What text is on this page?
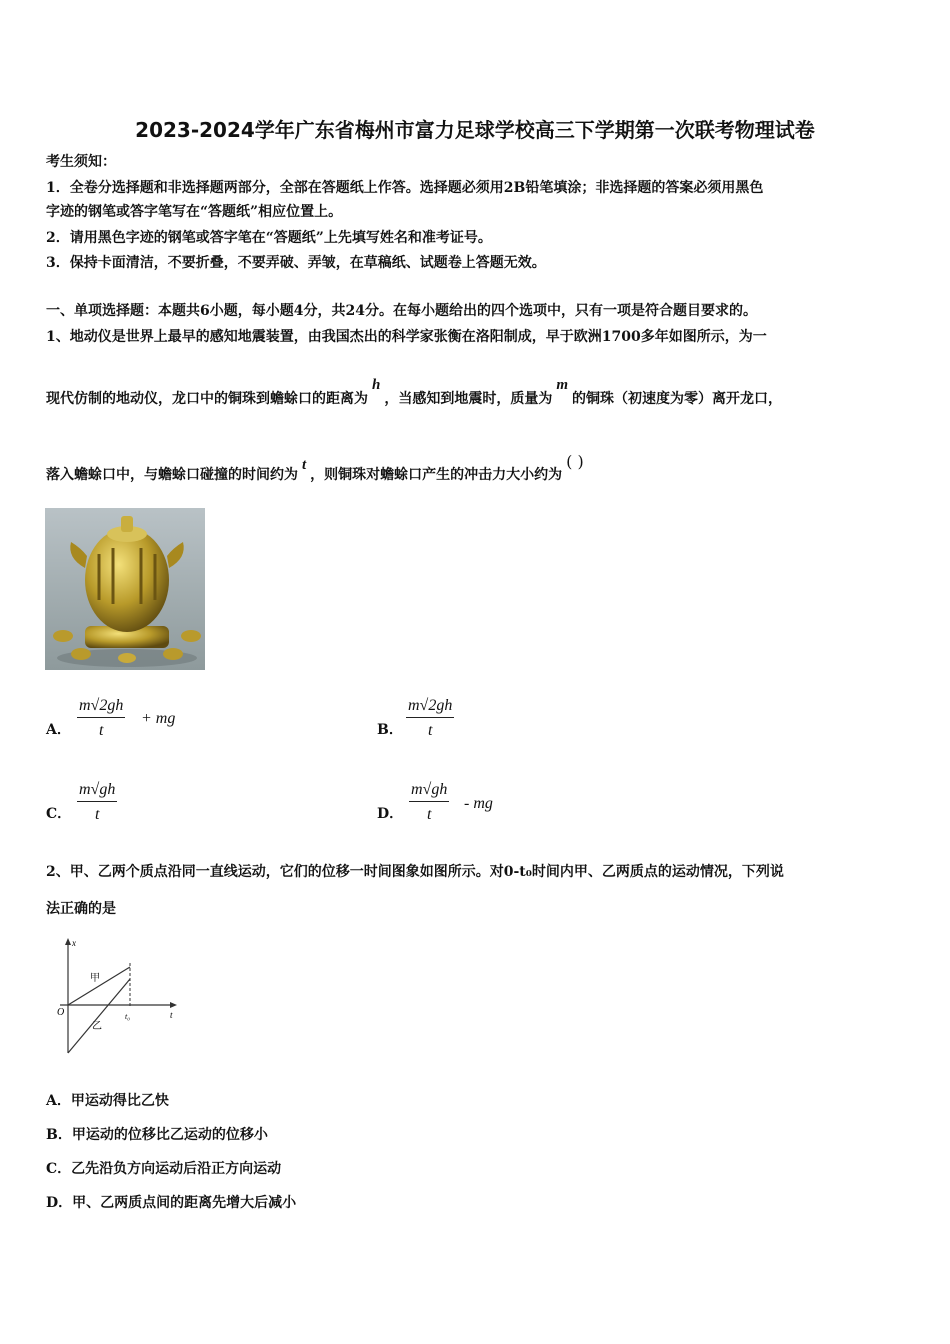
2023-2024学年广东省梅州市富力足球学校高三下学期第一次联考物理试卷
考生须知：
1．全卷分选择题和非选择题两部分，全部在答题纸上作答。选择题必须用2B铅笔填涂；非选择题的答案必须用黑色
字迹的钢笔或答字笔写在“答题纸”相应位置上。
2．请用黑色字迹的钢笔或答字笔在“答题纸”上先填写姓名和准考证号。
3．保持卡面清洁，不要折叠，不要弄破、弄皱，在草稿纸、试题卷上答题无效。
一、单项选择题：本题共6小题，每小题4分，共24分。在每小题给出的四个选项中，只有一项是符合题目要求的。
1、地动仪是世界上最早的感知地震装置，由我国杰出的科学家张衡在洛阳制成，早于欧洲1700多年如图所示，为一
现代仿制的地动仪，龙口中的铜珠到蟾蜍口的距离为h，当感知到地震时，质量为m的铜珠（初速度为零）离开龙口，
落入蟾蜍口中，与蟾蜍口碰撞的时间约为t，则铜珠对蟾蜍口产生的冲击力大小约为( )
A． $\frac{m√2gh}{t}$ + mg
B． $\frac{m√2gh}{t}$
C． $\frac{m√gh}{t}$	D． $\frac{m√gh}{t}$ - mg
2、甲、乙两个质点沿同一直线运动，它们的位移一时间图象如图所示。对0-t₀时间内甲、乙两质点的运动情况，下列说
法正确的是
x
t
O	t₀
甲
乙
A．甲运动得比乙快
B．甲运动的位移比乙运动的位移小
C．乙先沿负方向运动后沿正方向运动
D．甲、乙两质点间的距离先增大后减小
